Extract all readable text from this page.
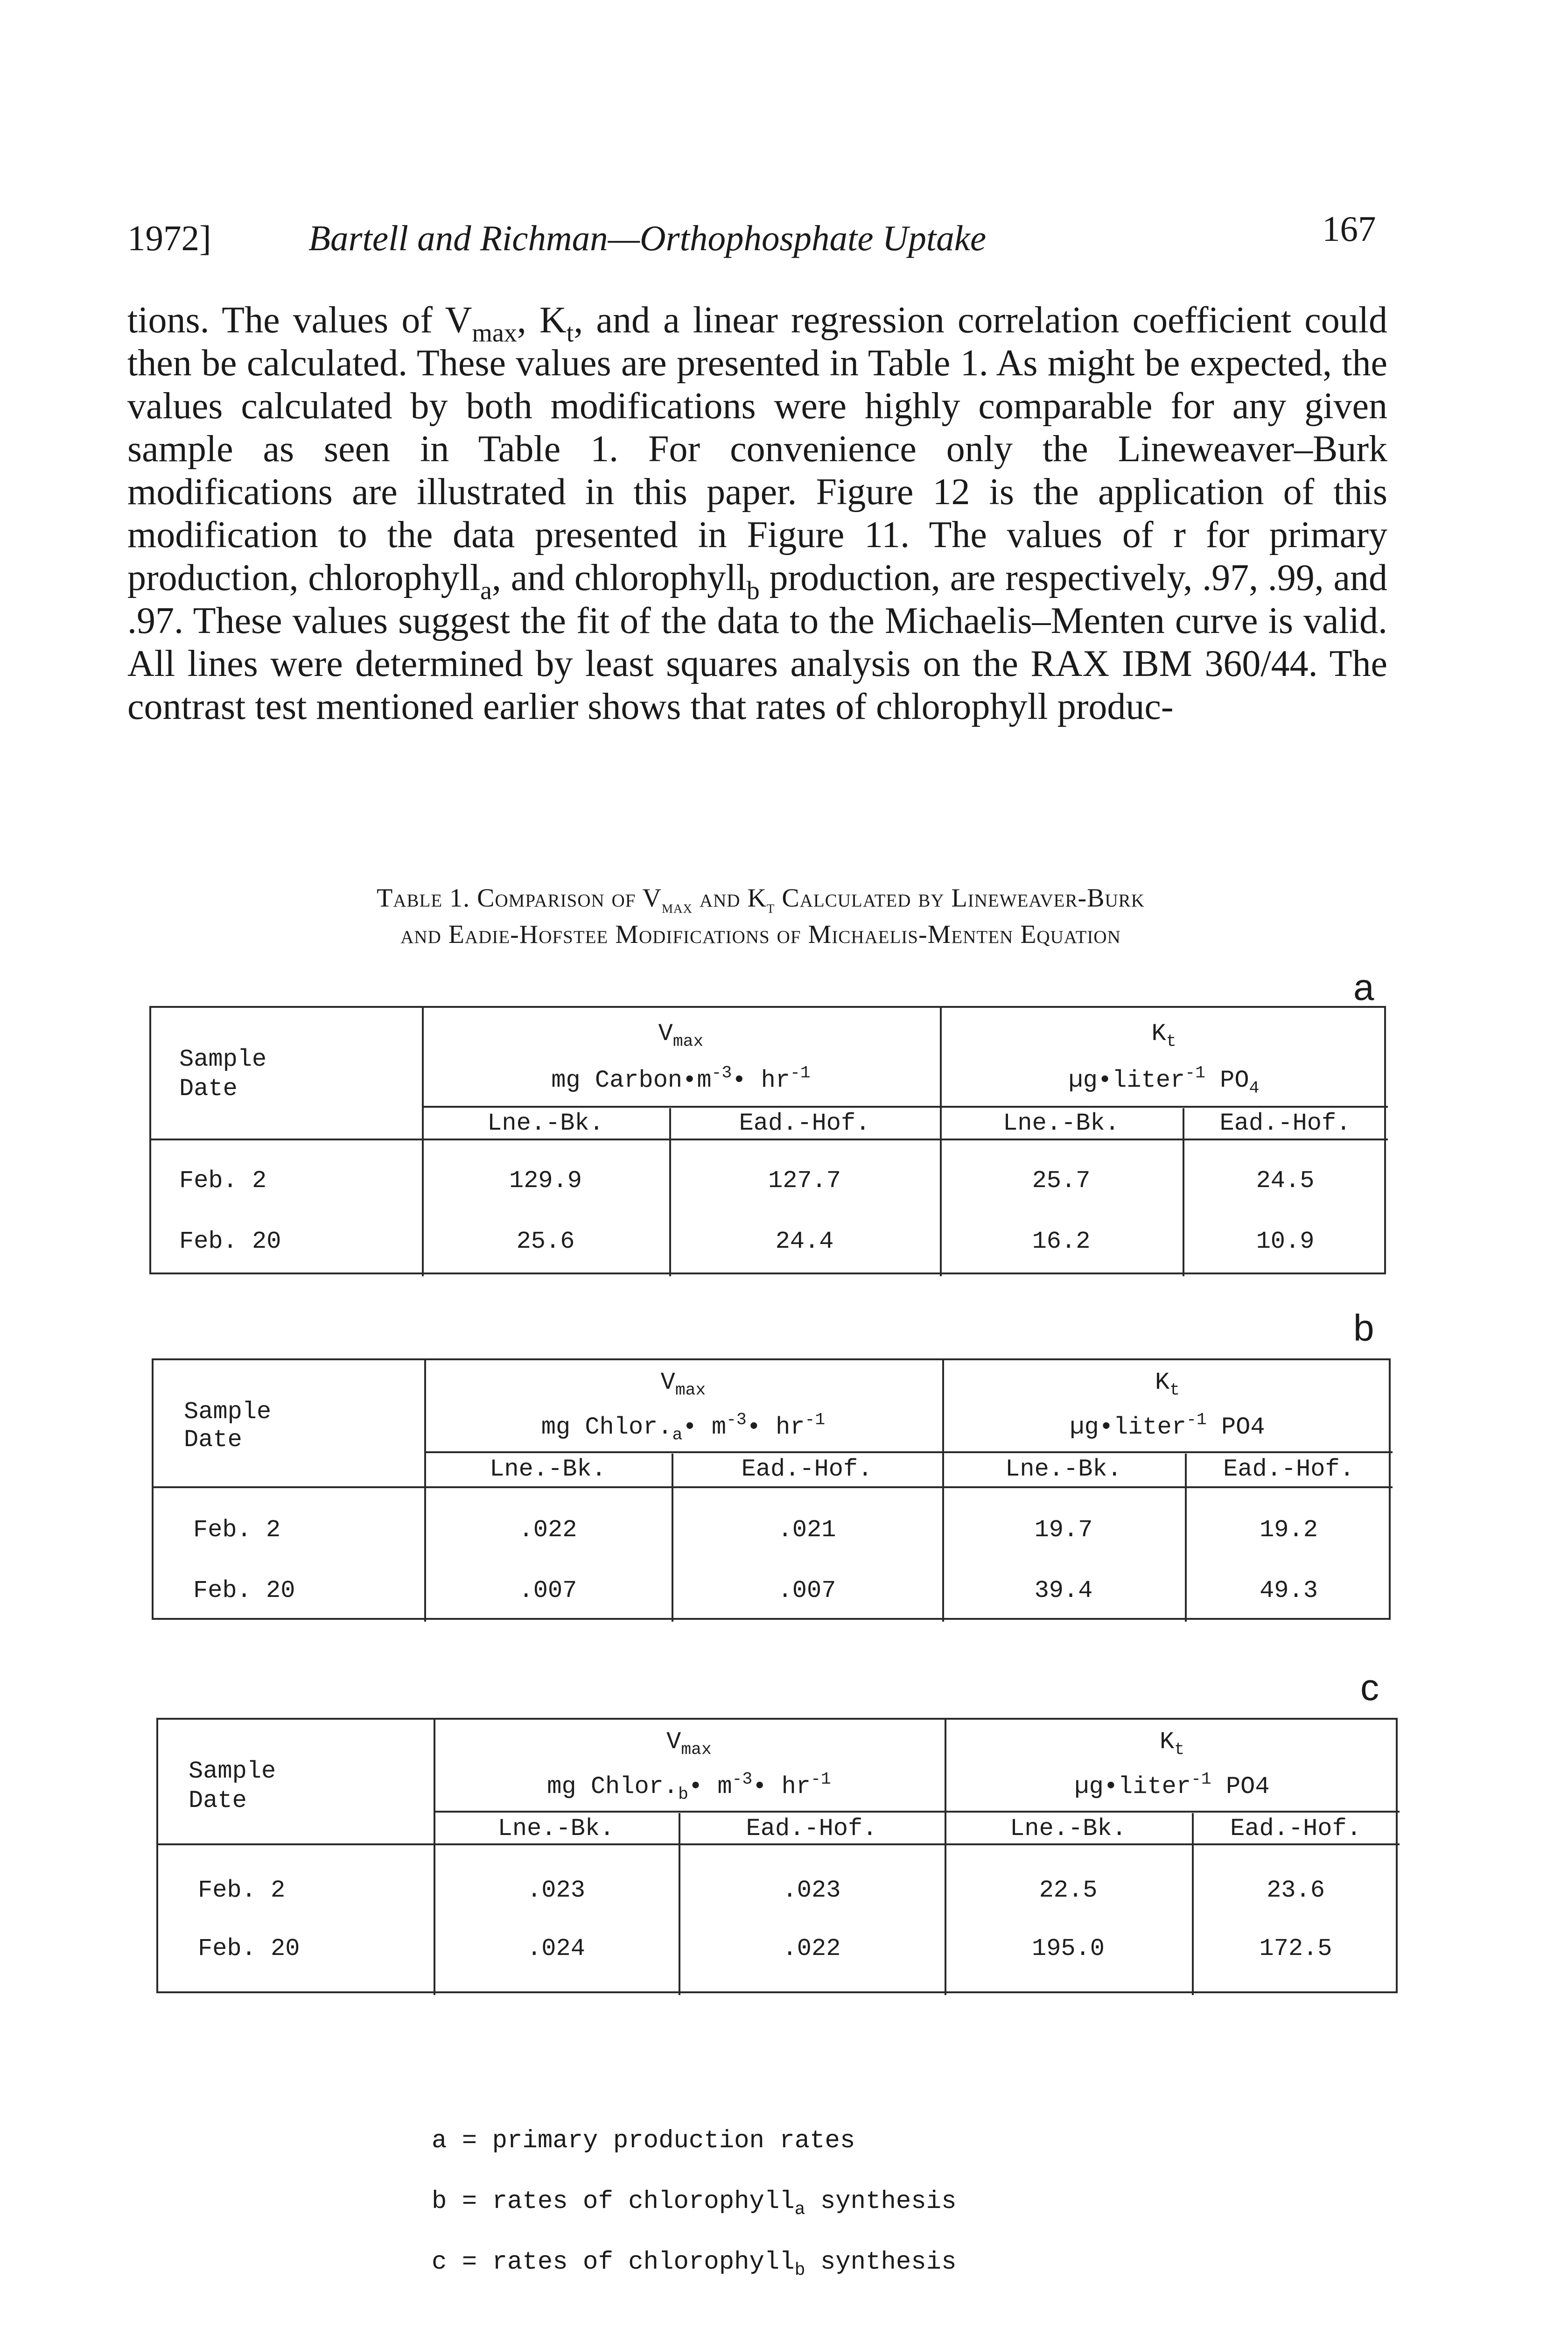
1972]	Bartell and Richman—Orthophosphate Uptake	167

tions. The values of $V_{max}$, $K_t$, and a linear regression correlation coefficient could then be calculated. These values are presented in Table 1. As might be expected, the values calculated by both modifications were highly comparable for any given sample as seen in Table 1. For convenience only the Lineweaver–Burk modifications are illustrated in this paper. Figure 12 is the application of this modification to the data presented in Figure 11. The values of r for primary production, chlorophyll$_a$, and chlorophyll$_b$ production, are respectively, .97, .99, and .97. These values suggest the fit of the data to the Michaelis–Menten curve is valid. All lines were determined by least squares analysis on the RAX IBM 360/44. The contrast test mentioned earlier shows that rates of chlorophyll produc-

Table 1. Comparison of $V_{max}$ and $K_t$ Calculated by Lineweaver-Burk
and Eadie-Hofstee Modifications of Michaelis-Menten Equation
a
Sample
Date
$V_{max}$
mg $Carbon•m^{-3}•$ $hr^{-1}$
$K_t$
µg•liter$^{-1}$ $PO_4$
Lne.-Bk.	Ead.-Hof.	Lne.-Bk.	Ead.-Hof.
Feb. 2	129.9	127.7	25.7	24.5
Feb. 20	25.6	24.4	16.2	10.9
b
Sample
Date
$V_{max}$
mg $Chlor._a•$ $m^{-3}•$ $hr^{-1}$
$K_t$
µg•liter$^{-1}$ PO4
Lne.-Bk.	Ead.-Hof.	Lne.-Bk.	Ead.-Hof.
Feb. 2	.022	.021	19.7	19.2
Feb. 20	.007	.007	39.4	49.3
c
Sample
Date
$V_{max}$
mg $Chlor._b•$ $m^{-3}•$ $hr^{-1}$
$K_t$
µg•liter$^{-1}$ PO4
Lne.-Bk.	Ead.-Hof.	Lne.-Bk.	Ead.-Hof.
Feb. 2	.023	.023	22.5	23.6
Feb. 20	.024	.022	195.0	172.5
a = primary production rates
b = rates of chlorophyll$_a$ synthesis
c = rates of chlorophyll$_b$ synthesis
